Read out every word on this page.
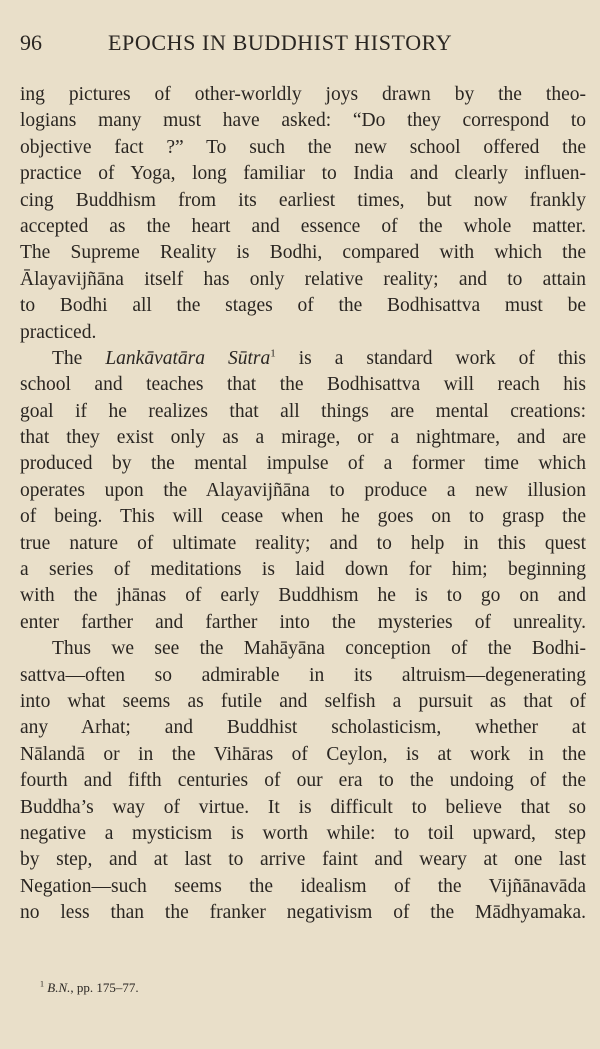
96	EPOCHS IN BUDDHIST HISTORY
ing pictures of other-worldly joys drawn by the theo-
logians many must have asked: “Do they correspond to
objective fact ?” To such the new school offered the
practice of Yoga, long familiar to India and clearly influen-
cing Buddhism from its earliest times, but now frankly
accepted as the heart and essence of the whole matter.
The Supreme Reality is Bodhi, compared with which the
Ālayavijñāna itself has only relative reality; and to attain
to Bodhi all the stages of the Bodhisattva must be
practiced.
The Lankāvatāra Sūtra$^1$ is a standard work of this
school and teaches that the Bodhisattva will reach his
goal if he realizes that all things are mental creations:
that they exist only as a mirage, or a nightmare, and are
produced by the mental impulse of a former time which
operates upon the Alayavijñāna to produce a new illusion
of being. This will cease when he goes on to grasp the
true nature of ultimate reality; and to help in this quest
a series of meditations is laid down for him; beginning
with the jhānas of early Buddhism he is to go on and
enter farther and farther into the mysteries of unreality.
Thus we see the Mahāyāna conception of the Bodhi-
sattva—often so admirable in its altruism—degenerating
into what seems as futile and selfish a pursuit as that of
any Arhat; and Buddhist scholasticism, whether at
Nālandā or in the Vihāras of Ceylon, is at work in the
fourth and fifth centuries of our era to the undoing of the
Buddha’s way of virtue. It is difficult to believe that so
negative a mysticism is worth while: to toil upward, step
by step, and at last to arrive faint and weary at one last
Negation—such seems the idealism of the Vijñānavāda
no less than the franker negativism of the Mādhyamaka.
$^1$ B.N., pp. 175–77.
